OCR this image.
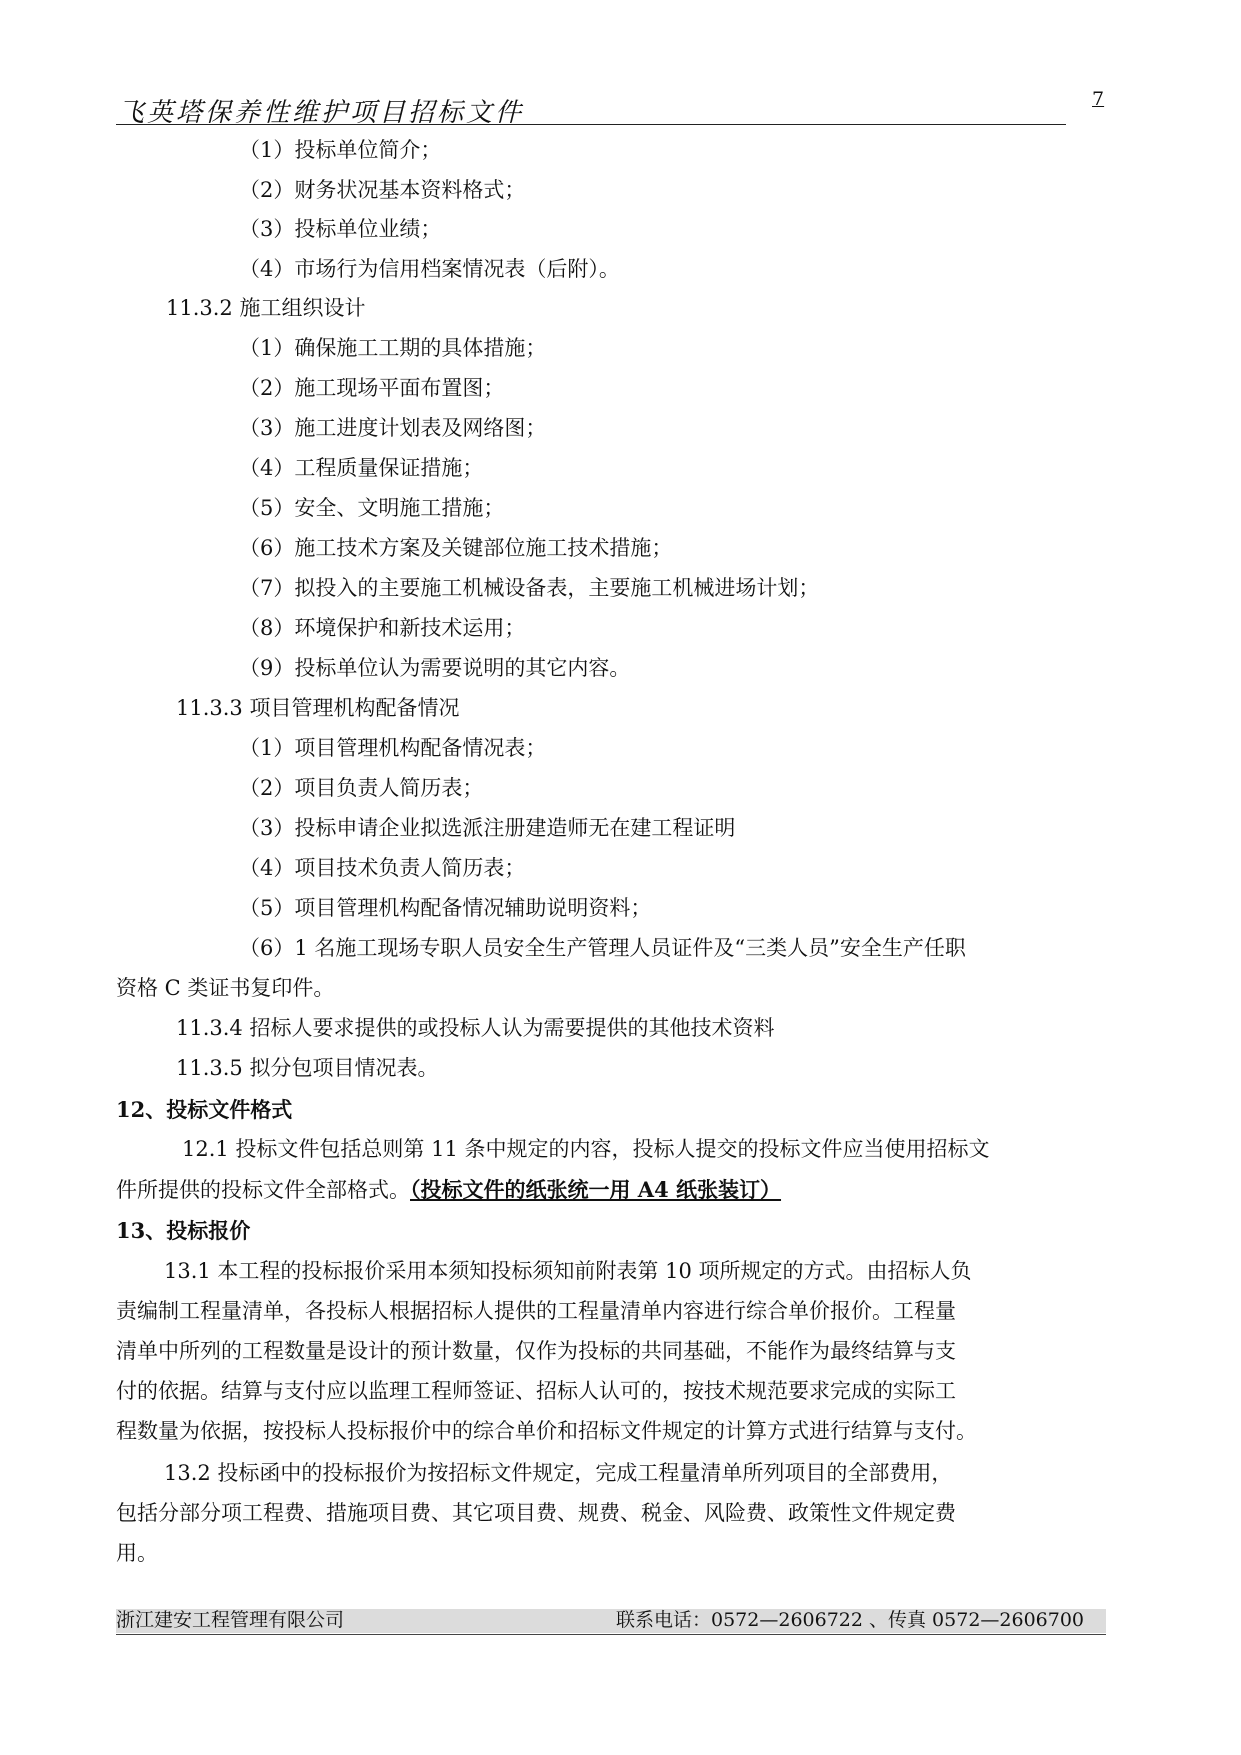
飞英塔保养性维护项目招标文件	7
（1）投标单位简介；
（2）财务状况基本资料格式；
（3）投标单位业绩；
（4）市场行为信用档案情况表（后附）。
11.3.2 施工组织设计
（1）确保施工工期的具体措施；
（2）施工现场平面布置图；
（3）施工进度计划表及网络图；
（4）工程质量保证措施；
（5）安全、文明施工措施；
（6）施工技术方案及关键部位施工技术措施；
（7）拟投入的主要施工机械设备表，主要施工机械进场计划；
（8）环境保护和新技术运用；
（9）投标单位认为需要说明的其它内容。
11.3.3 项目管理机构配备情况
（1）项目管理机构配备情况表；
（2）项目负责人简历表；
（3）投标申请企业拟选派注册建造师无在建工程证明
（4）项目技术负责人简历表；
（5）项目管理机构配备情况辅助说明资料；
（6）1 名施工现场专职人员安全生产管理人员证件及“三类人员”安全生产任职
资格 C 类证书复印件。
11.3.4 招标人要求提供的或投标人认为需要提供的其他技术资料
11.3.5 拟分包项目情况表。
12、投标文件格式
12.1 投标文件包括总则第 11 条中规定的内容，投标人提交的投标文件应当使用招标文
件所提供的投标文件全部格式。（投标文件的纸张统一用 A4 纸张装订）
13、投标报价
13.1 本工程的投标报价采用本须知投标须知前附表第 10 项所规定的方式。由招标人负
责编制工程量清单，各投标人根据招标人提供的工程量清单内容进行综合单价报价。工程量
清单中所列的工程数量是设计的预计数量，仅作为投标的共同基础，不能作为最终结算与支
付的依据。结算与支付应以监理工程师签证、招标人认可的，按技术规范要求完成的实际工
程数量为依据，按投标人投标报价中的综合单价和招标文件规定的计算方式进行结算与支付。
13.2 投标函中的投标报价为按招标文件规定，完成工程量清单所列项目的全部费用，
包括分部分项工程费、措施项目费、其它项目费、规费、税金、风险费、政策性文件规定费
用。
浙江建安工程管理有限公司	联系电话：0572—2606722 、传真 0572—2606700
